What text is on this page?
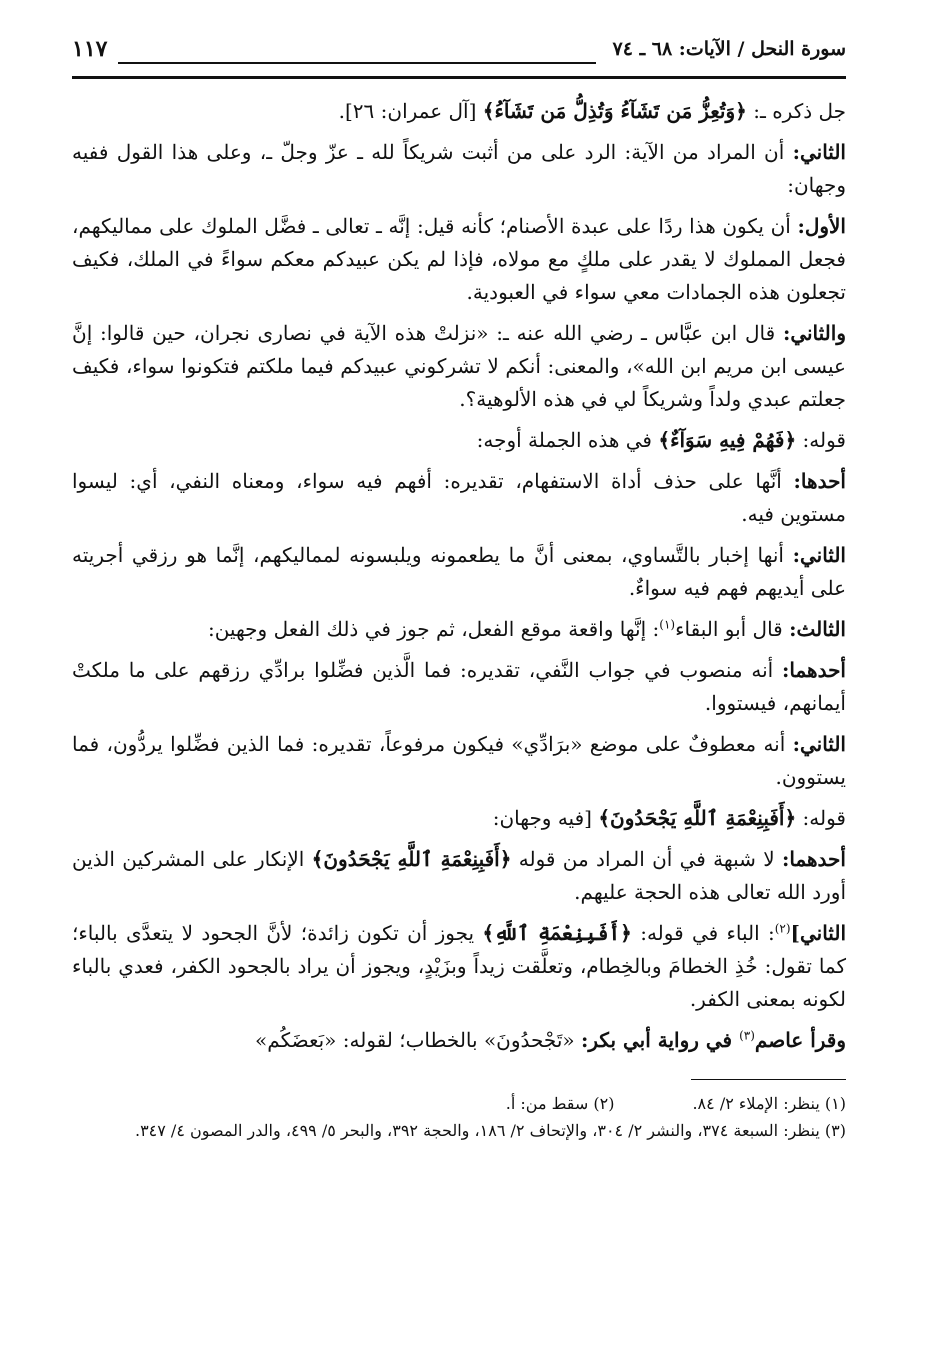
سورة النحل / الآيات: ٦٨ ـ ٧٤
١١٧

جل ذكره ـ: ﴿وَتُعِزُّ مَن تَشَآءُ وَتُذِلُّ مَن تَشَآءُ﴾ [آل عمران: ٢٦].

الثاني: أن المراد من الآية: الرد على من أثبت شريكاً لله ـ عزّ وجلّ ـ، وعلى هذا القول ففيه وجهان:

الأول: أن يكون هذا ردًا على عبدة الأصنام؛ كأنه قيل: إنَّه ـ تعالى ـ فضَّل الملوك على مماليكهم، فجعل المملوك لا يقدر على ملكٍ مع مولاه، فإذا لم يكن عبيدكم معكم سواءً في الملك، فكيف تجعلون هذه الجمادات معي سواء في العبودية.

والثاني: قال ابن عبَّاس ـ رضي الله عنه ـ: «نزلتْ هذه الآية في نصارى نجران، حين قالوا: إنَّ عيسى ابن مريم ابن الله»، والمعنى: أنكم لا تشركوني عبيدكم فيما ملكتم فتكونوا سواء، فكيف جعلتم عبدي ولداً وشريكاً لي في هذه الألوهية؟.

قوله: ﴿فَهُمْ فِيهِ سَوَآءٌ﴾ في هذه الجملة أوجه:

أحدها: أنَّها على حذف أداة الاستفهام، تقديره: أفهم فيه سواء، ومعناه النفي، أي: ليسوا مستوين فيه.

الثاني: أنها إخبار بالتَّساوي، بمعنى أنَّ ما يطعمونه ويلبسونه لمماليكهم، إنَّما هو رزقي أجريته على أيديهم فهم فيه سواءٌ.

الثالث: قال أبو البقاء$^{(١)}$: إنَّها واقعة موقع الفعل، ثم جوز في ذلك الفعل وجهين:

أحدهما: أنه منصوب في جواب النَّفي، تقديره: فما الَّذين فضِّلوا برادِّي رزقهم على ما ملكتْ أيمانهم، فيستووا.

الثاني: أنه معطوفٌ على موضع «برَادِّي» فيكون مرفوعاً، تقديره: فما الذين فضِّلوا يردُّون، فما يستوون.

قوله: ﴿أَفَبِنِعْمَةِ ٱللَّهِ يَجْحَدُونَ﴾ [فيه وجهان:

أحدهما: لا شبهة في أن المراد من قوله ﴿أَفَبِنِعْمَةِ ٱللَّهِ يَجْحَدُونَ﴾ الإنكار على المشركين الذين أورد الله تعالى هذه الحجة عليهم.

الثاني]$^{(٢)}$: الباء في قوله: ﴿أَفَبِنِعْمَةِ ٱللَّهِ﴾ يجوز أن تكون زائدة؛ لأنَّ الجحود لا يتعدَّى بالباء؛ كما تقول: خُذِ الخطامَ وبالخِطام، وتعلَّقت زيداً وبزَيْدٍ، ويجوز أن يراد بالجحود الكفر، فعدي بالباء لكونه بمعنى الكفر.

وقرأ عاصم$^{(٣)}$ في رواية أبي بكر: «تَجْحدُونَ» بالخطاب؛ لقوله: «بَعضَكُم»

(١) ينظر: الإملاء ٢/ ٨٤.
(٢) سقط من: أ.
(٣) ينظر: السبعة ٣٧٤، والنشر ٢/ ٣٠٤، والإتحاف ٢/ ١٨٦، والحجة ٣٩٢، والبحر ٥/ ٤٩٩، والدر المصون ٤/ ٣٤٧.
